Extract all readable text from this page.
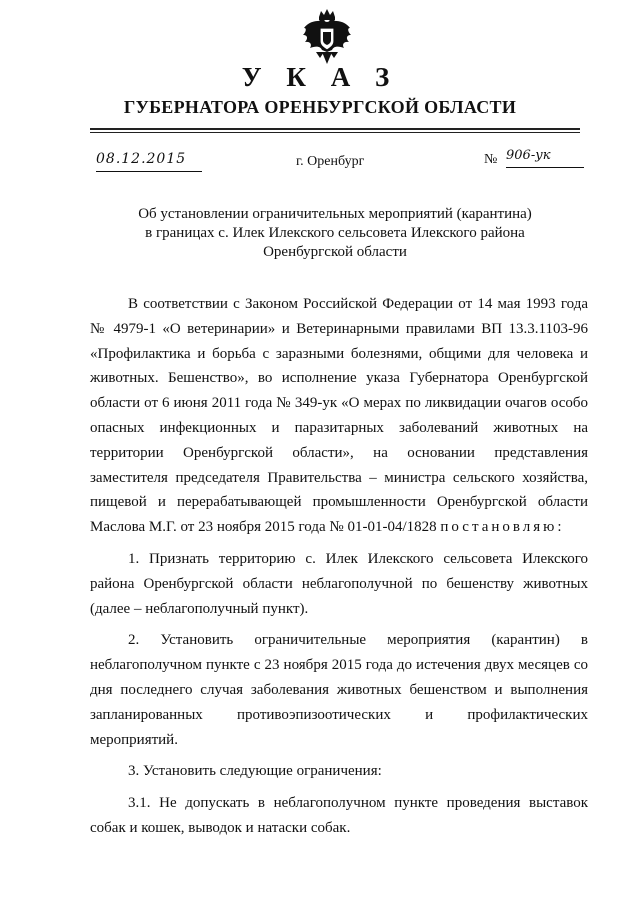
У К А З
ГУБЕРНАТОРА ОРЕНБУРГСКОЙ ОБЛАСТИ
08.12.2015	г. Оренбург	№ 906-ук
Об установлении ограничительных мероприятий (карантина)
в границах с. Илек Илекского сельсовета Илекского района
Оренбургской области

В соответствии с Законом Российской Федерации от 14 мая 1993 года

№ 4979-1 «О ветеринарии» и Ветеринарными правилами ВП 13.3.1103-96

«Профилактика и борьба с заразными болезнями, общими для человека и

животных. Бешенство», во исполнение указа Губернатора Оренбургской

области от 6 июня 2011 года № 349-ук «О мерах по ликвидации очагов особо

опасных инфекционных и паразитарных заболеваний животных на

территории Оренбургской области», на основании представления

заместителя председателя Правительства – министра сельского хозяйства,

пищевой и перерабатывающей промышленности Оренбургской области

Маслова М.Г. от 23 ноября 2015 года № 01-01-04/1828 постановляю:

1. Признать территорию с. Илек Илекского сельсовета Илекского

района Оренбургской области неблагополучной по бешенству животных

(далее – неблагополучный пункт).

2. Установить ограничительные мероприятия (карантин) в

неблагополучном пункте с 23 ноября 2015 года до истечения двух месяцев со

дня последнего случая заболевания животных бешенством и выполнения

запланированных противоэпизоотических и профилактических мероприятий.

3. Установить следующие ограничения:

3.1. Не допускать в неблагополучном пункте проведения выставок

собак и кошек, выводок и натаски собак.
